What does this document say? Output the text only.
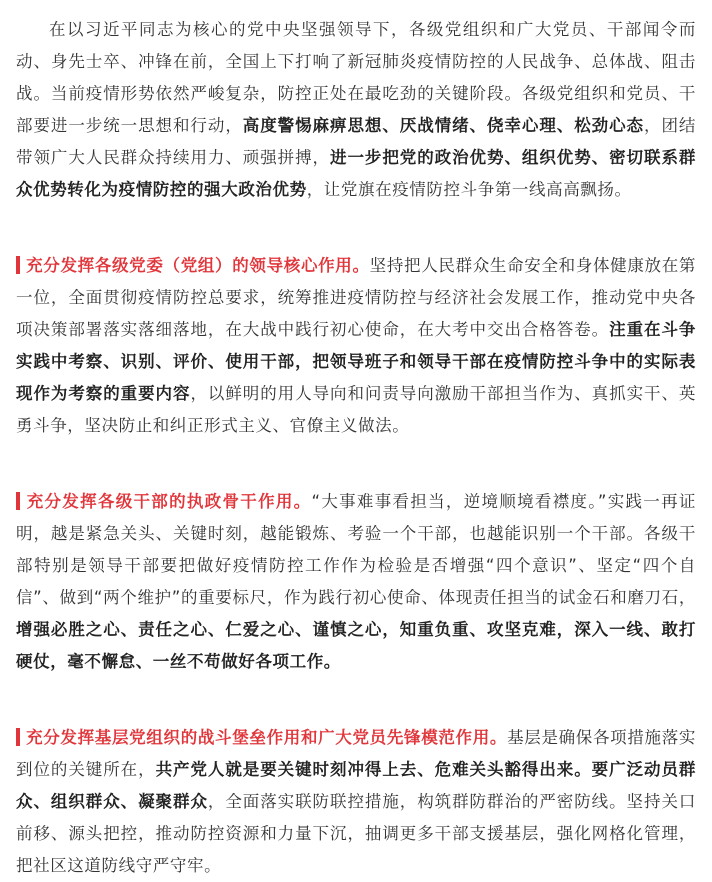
在以习近平同志为核心的党中央坚强领导下，各级党组织和广大党员、干部闻令而动、身先士卒、冲锋在前，全国上下打响了新冠肺炎疫情防控的人民战争、总体战、阻击战。当前疫情形势依然严峻复杂，防控正处在最吃劲的关键阶段。各级党组织和党员、干部要进一步统一思想和行动，高度警惕麻痹思想、厌战情绪、侥幸心理、松劲心态，团结带领广大人民群众持续用力、顽强拼搏，进一步把党的政治优势、组织优势、密切联系群众优势转化为疫情防控的强大政治优势，让党旗在疫情防控斗争第一线高高飘扬。

充分发挥各级党委（党组）的领导核心作用。坚持把人民群众生命安全和身体健康放在第一位，全面贯彻疫情防控总要求，统筹推进疫情防控与经济社会发展工作，推动党中央各项决策部署落实落细落地，在大战中践行初心使命，在大考中交出合格答卷。注重在斗争实践中考察、识别、评价、使用干部，把领导班子和领导干部在疫情防控斗争中的实际表现作为考察的重要内容，以鲜明的用人导向和问责导向激励干部担当作为、真抓实干、英勇斗争，坚决防止和纠正形式主义、官僚主义做法。

充分发挥各级干部的执政骨干作用。“大事难事看担当，逆境顺境看襟度。”实践一再证明，越是紧急关头、关键时刻，越能锻炼、考验一个干部，也越能识别一个干部。各级干部特别是领导干部要把做好疫情防控工作作为检验是否增强“四个意识”、坚定“四个自信”、做到“两个维护”的重要标尺，作为践行初心使命、体现责任担当的试金石和磨刀石，增强必胜之心、责任之心、仁爱之心、谨慎之心，知重负重、攻坚克难，深入一线、敢打硬仗，毫不懈怠、一丝不苟做好各项工作。

充分发挥基层党组织的战斗堡垒作用和广大党员先锋模范作用。基层是确保各项措施落实到位的关键所在，共产党人就是要关键时刻冲得上去、危难关头豁得出来。要广泛动员群众、组织群众、凝聚群众，全面落实联防联控措施，构筑群防群治的严密防线。坚持关口前移、源头把控，推动防控资源和力量下沉，抽调更多干部支援基层，强化网格化管理，把社区这道防线守严守牢。
